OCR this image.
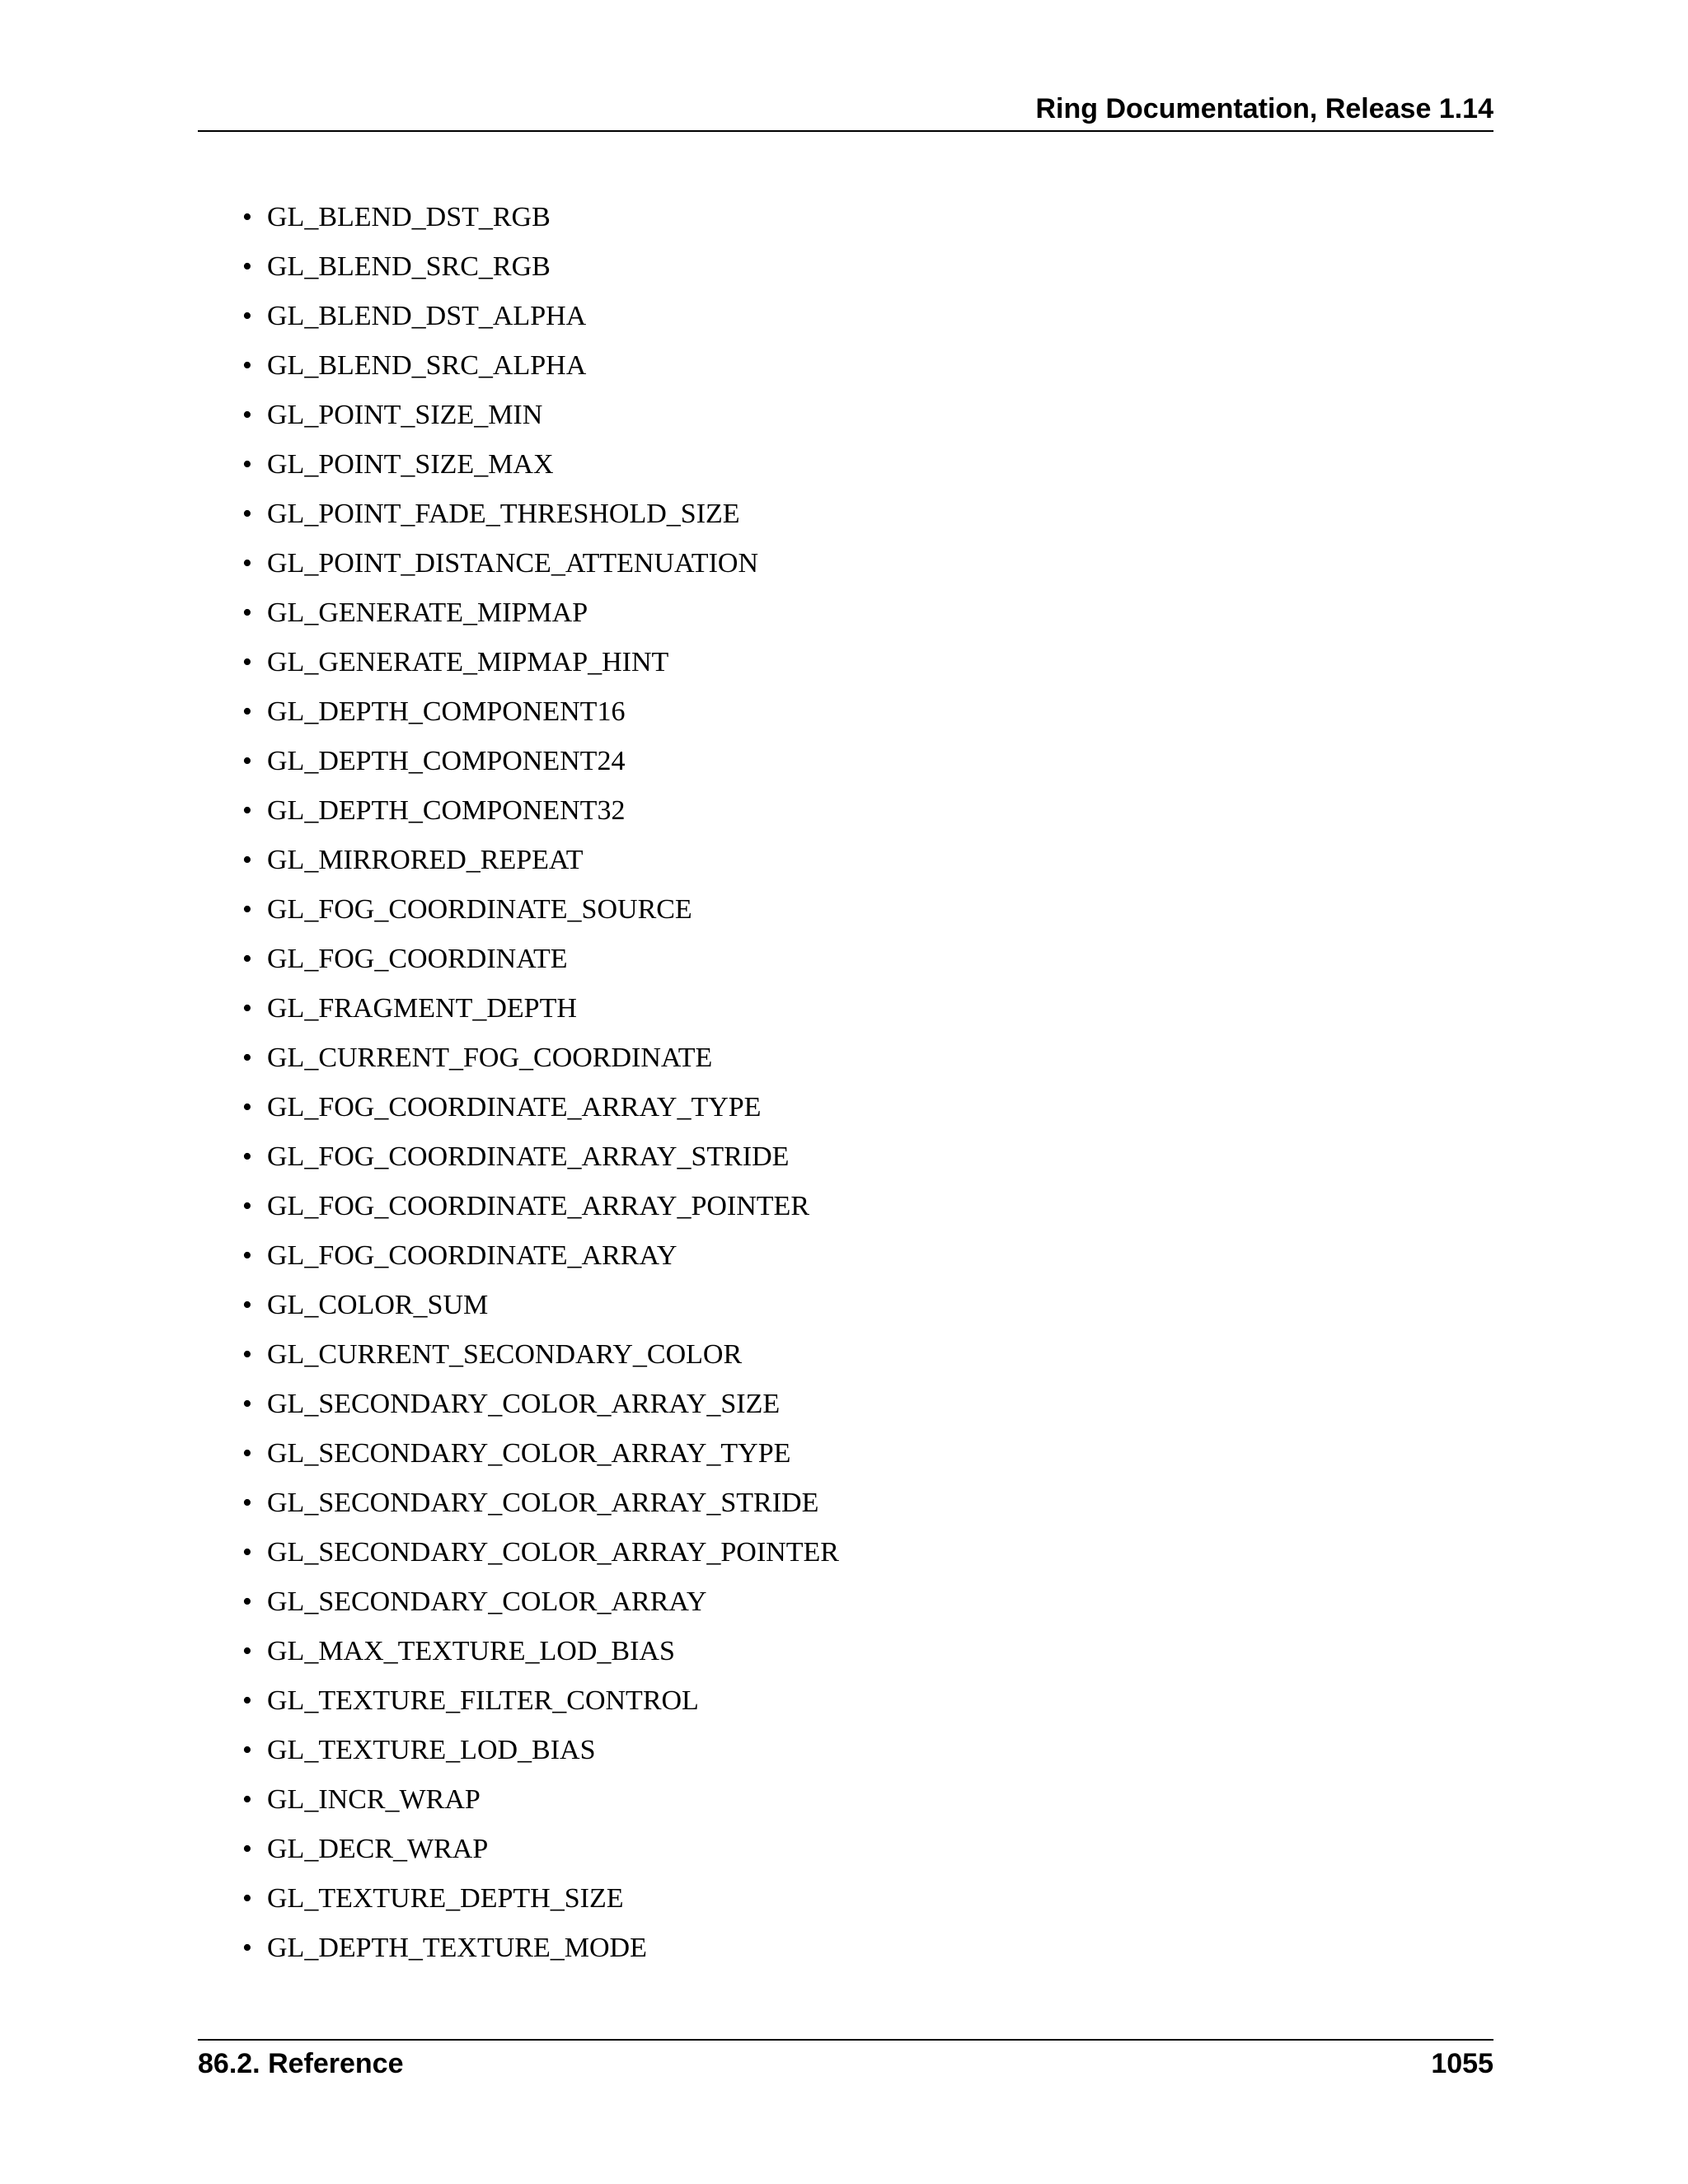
Ring Documentation, Release 1.14
• GL_BLEND_DST_RGB
• GL_BLEND_SRC_RGB
• GL_BLEND_DST_ALPHA
• GL_BLEND_SRC_ALPHA
• GL_POINT_SIZE_MIN
• GL_POINT_SIZE_MAX
• GL_POINT_FADE_THRESHOLD_SIZE
• GL_POINT_DISTANCE_ATTENUATION
• GL_GENERATE_MIPMAP
• GL_GENERATE_MIPMAP_HINT
• GL_DEPTH_COMPONENT16
• GL_DEPTH_COMPONENT24
• GL_DEPTH_COMPONENT32
• GL_MIRRORED_REPEAT
• GL_FOG_COORDINATE_SOURCE
• GL_FOG_COORDINATE
• GL_FRAGMENT_DEPTH
• GL_CURRENT_FOG_COORDINATE
• GL_FOG_COORDINATE_ARRAY_TYPE
• GL_FOG_COORDINATE_ARRAY_STRIDE
• GL_FOG_COORDINATE_ARRAY_POINTER
• GL_FOG_COORDINATE_ARRAY
• GL_COLOR_SUM
• GL_CURRENT_SECONDARY_COLOR
• GL_SECONDARY_COLOR_ARRAY_SIZE
• GL_SECONDARY_COLOR_ARRAY_TYPE
• GL_SECONDARY_COLOR_ARRAY_STRIDE
• GL_SECONDARY_COLOR_ARRAY_POINTER
• GL_SECONDARY_COLOR_ARRAY
• GL_MAX_TEXTURE_LOD_BIAS
• GL_TEXTURE_FILTER_CONTROL
• GL_TEXTURE_LOD_BIAS
• GL_INCR_WRAP
• GL_DECR_WRAP
• GL_TEXTURE_DEPTH_SIZE
• GL_DEPTH_TEXTURE_MODE
86.2. Reference	1055
